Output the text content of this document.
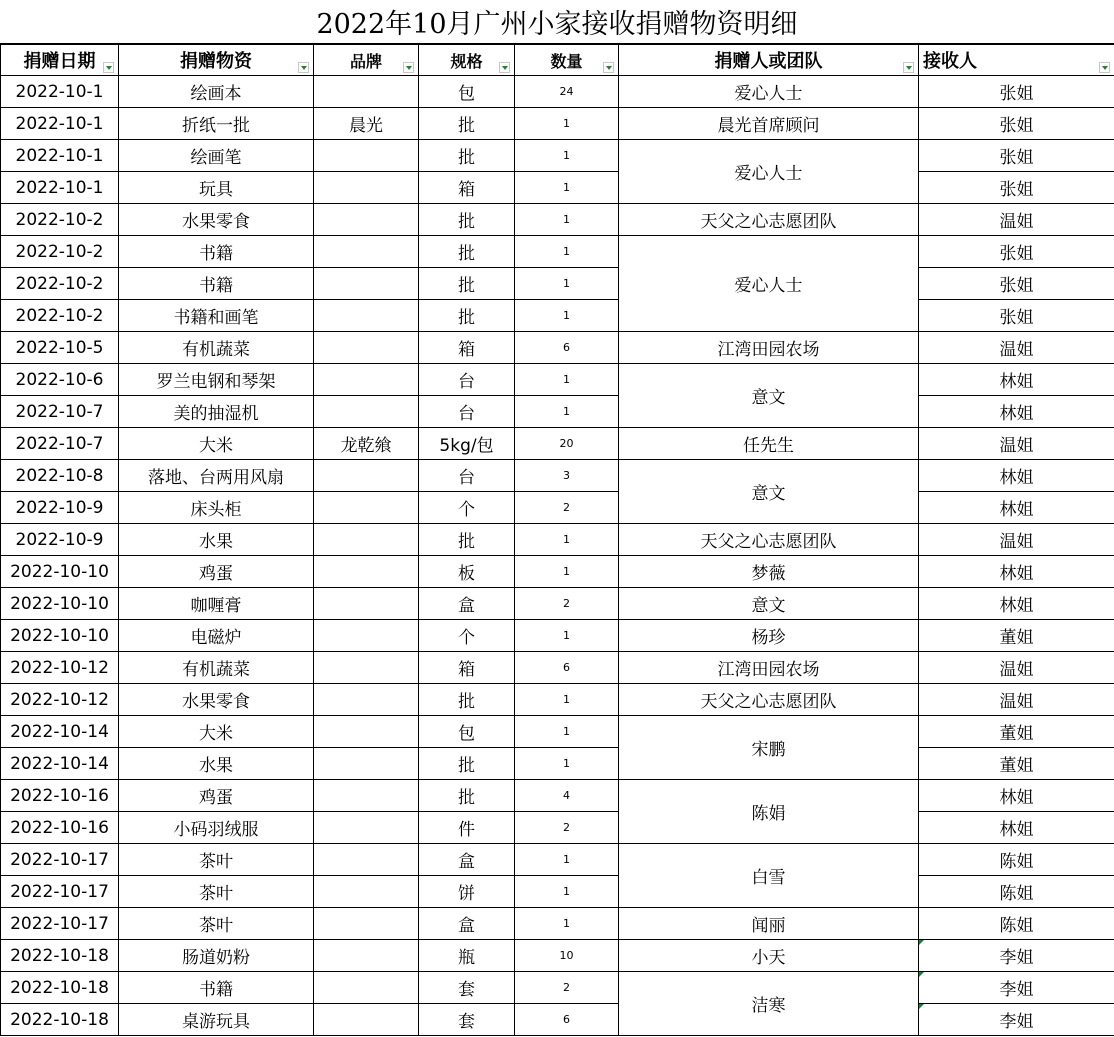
2022年10月广州小家接收捐赠物资明细
捐赠日期	捐赠物资	品牌	规格	数量	捐赠人或团队	接收人

2022-10-1	绘画本		包	24	爱心人士	张姐
2022-10-1	折纸一批	晨光	批	1	晨光首席顾问	张姐
2022-10-1	绘画笔		批	1	爱心人士	张姐
2022-10-1	玩具		箱	1		张姐
2022-10-2	水果零食		批	1	天父之心志愿团队	温姐
2022-10-2	书籍		批	1	爱心人士	张姐
2022-10-2	书籍		批	1		张姐
2022-10-2	书籍和画笔		批	1		张姐
2022-10-5	有机蔬菜		箱	6	江湾田园农场	温姐
2022-10-6	罗兰电钢和琴架		台	1	意文	林姐
2022-10-7	美的抽湿机		台	1		林姐
2022-10-7	大米	龙乾飨	5kg/包	20	任先生	温姐
2022-10-8	落地、台两用风扇		台	3	意文	林姐
2022-10-9	床头柜		个	2		林姐
2022-10-9	水果		批	1	天父之心志愿团队	温姐
2022-10-10	鸡蛋		板	1	梦薇	林姐
2022-10-10	咖喱膏		盒	2	意文	林姐
2022-10-10	电磁炉		个	1	杨珍	董姐
2022-10-12	有机蔬菜		箱	6	江湾田园农场	温姐
2022-10-12	水果零食		批	1	天父之心志愿团队	温姐
2022-10-14	大米		包	1	宋鹏	董姐
2022-10-14	水果		批	1		董姐
2022-10-16	鸡蛋		批	4	陈娟	林姐
2022-10-16	小码羽绒服		件	2		林姐
2022-10-17	茶叶		盒	1	白雪	陈姐
2022-10-17	茶叶		饼	1		陈姐
2022-10-17	茶叶		盒	1	闻丽	陈姐
2022-10-18	肠道奶粉		瓶	10	小天	李姐
2022-10-18	书籍		套	2	洁寒	李姐
2022-10-18	桌游玩具		套	6		李姐
